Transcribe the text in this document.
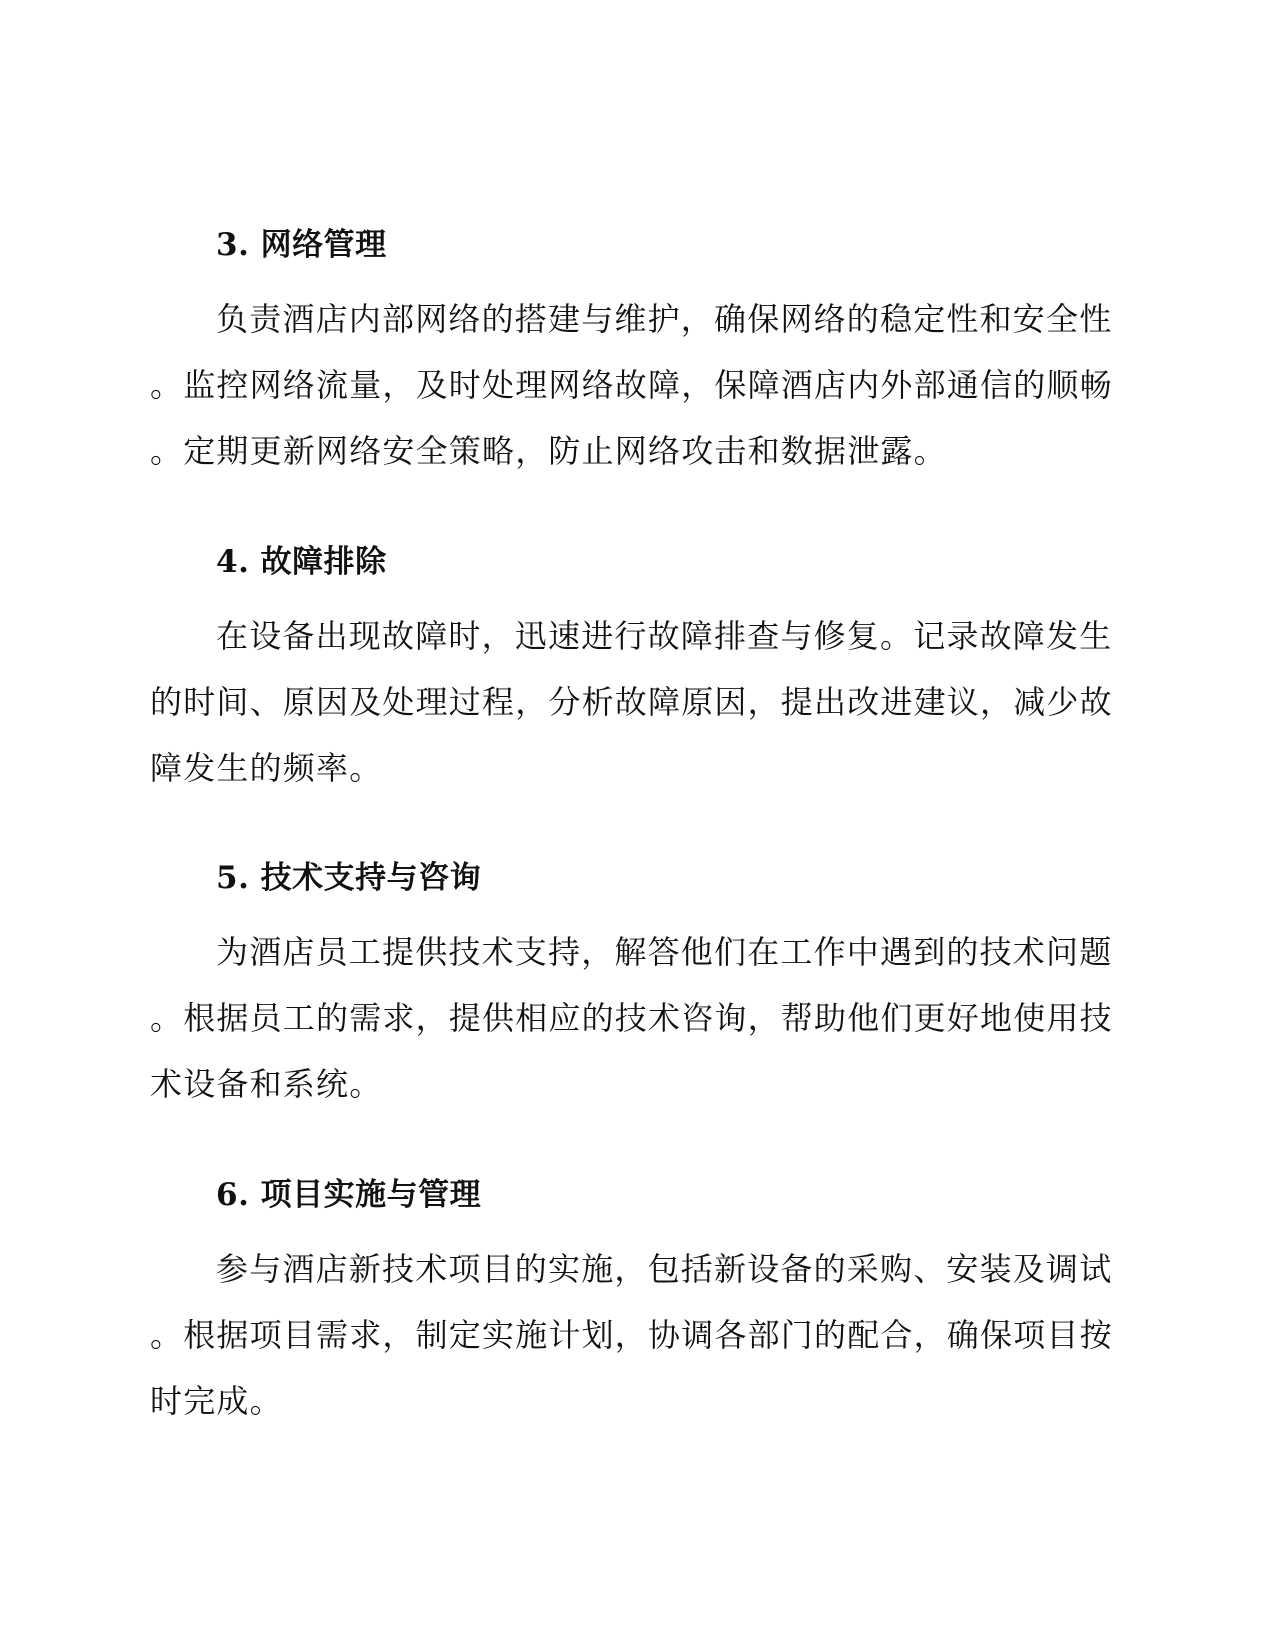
3. 网络管理

负责酒店内部网络的搭建与维护，确保网络的稳定性和安全性
。监控网络流量，及时处理网络故障，保障酒店内外部通信的顺畅
。定期更新网络安全策略，防止网络攻击和数据泄露。

4. 故障排除

在设备出现故障时，迅速进行故障排查与修复。记录故障发生
的时间、原因及处理过程，分析故障原因，提出改进建议，减少故
障发生的频率。

5. 技术支持与咨询

为酒店员工提供技术支持，解答他们在工作中遇到的技术问题
。根据员工的需求，提供相应的技术咨询，帮助他们更好地使用技
术设备和系统。

6. 项目实施与管理

参与酒店新技术项目的实施，包括新设备的采购、安装及调试
。根据项目需求，制定实施计划，协调各部门的配合，确保项目按
时完成。
